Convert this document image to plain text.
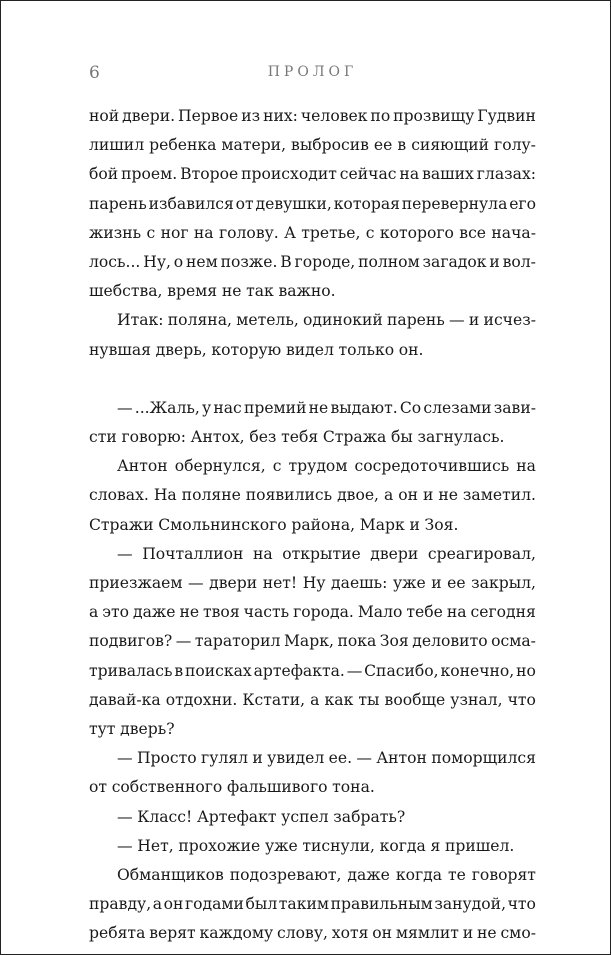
6	ПРОЛОГ
ной двери. Первое из них: человек по прозвищу Гудвин
лишил ребенка матери, выбросив ее в сияющий голу-
бой проем. Второе происходит сейчас на ваших глазах:
парень избавился от девушки, которая перевернула его
жизнь с ног на голову. А третье, с которого все нача-
лось... Ну, о нем позже. В городе, полном загадок и вол-
шебства, время не так важно.
Итак: поляна, метель, одинокий парень — и исчез-
нувшая дверь, которую видел только он.
— ...Жаль, у нас премий не выдают. Со слезами зави-
сти говорю: Антох, без тебя Стража бы загнулась.
Антон обернулся, с трудом сосредоточившись на
словах. На поляне появились двое, а он и не заметил.
Стражи Смольнинского района, Марк и Зоя.
— Почталлион на открытие двери среагировал,
приезжаем — двери нет! Ну даешь: уже и ее закрыл,
а это даже не твоя часть города. Мало тебе на сегодня
подвигов? — тараторил Марк, пока Зоя деловито осма-
тривалась в поисках артефакта. — Спасибо, конечно, но
давай-ка отдохни. Кстати, а как ты вообще узнал, что
тут дверь?
— Просто гулял и увидел ее. — Антон поморщился
от собственного фальшивого тона.
— Класс! Артефакт успел забрать?
— Нет, прохожие уже тиснули, когда я пришел.
Обманщиков подозревают, даже когда те говорят
правду, а он годами был таким правильным занудой, что
ребята верят каждому слову, хотя он мямлит и не смо-
